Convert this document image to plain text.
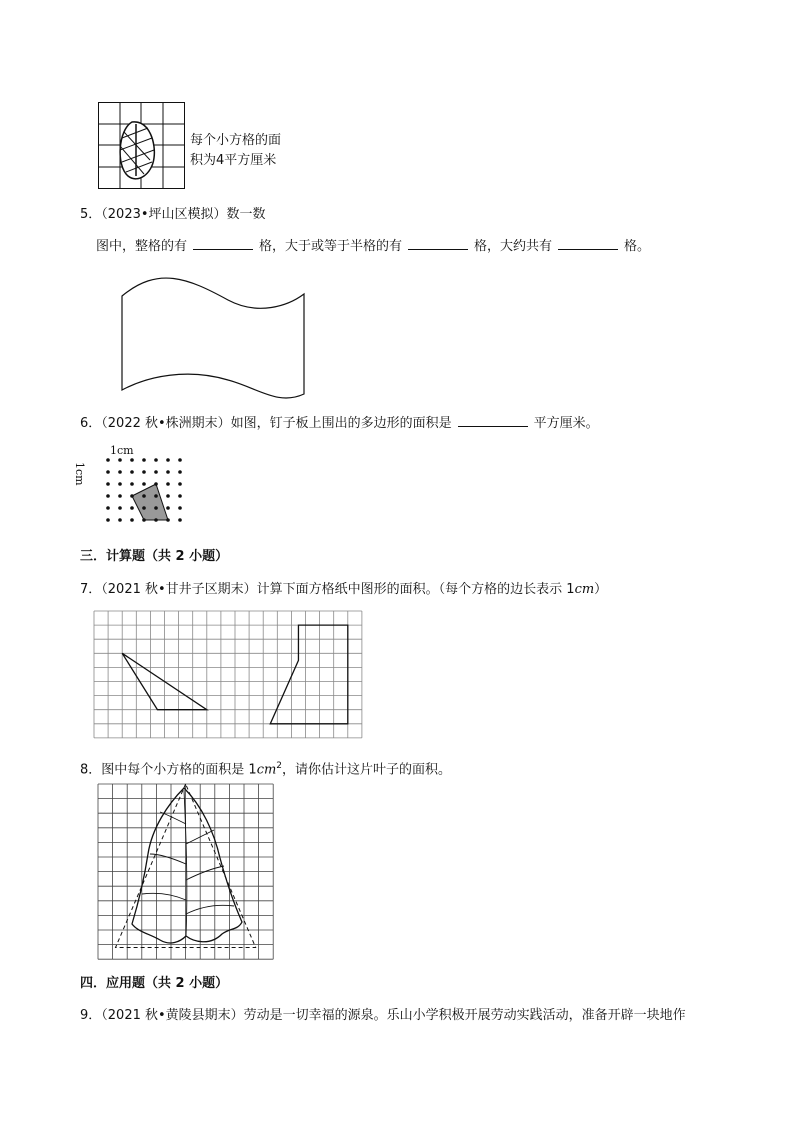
每个小方格的面
积为4平方厘米
5．（2023•坪山区模拟）数一数
图中，整格的有	格，大于或等于半格的有	格，大约共有	格。
6．（2022 秋•株洲期末）如图，钉子板上围出的多边形的面积是	平方厘米。
1cm
1cm
三．计算题（共 2 小题）
7．（2021 秋•甘井子区期末）计算下面方格纸中图形的面积。（每个方格的边长表示 1cm）
8．图中每个小方格的面积是 $1cm^2$，请你估计这片叶子的面积。
四．应用题（共 2 小题）
9．（2021 秋•黄陵县期末）劳动是一切幸福的源泉。乐山小学积极开展劳动实践活动，准备开辟一块地作
